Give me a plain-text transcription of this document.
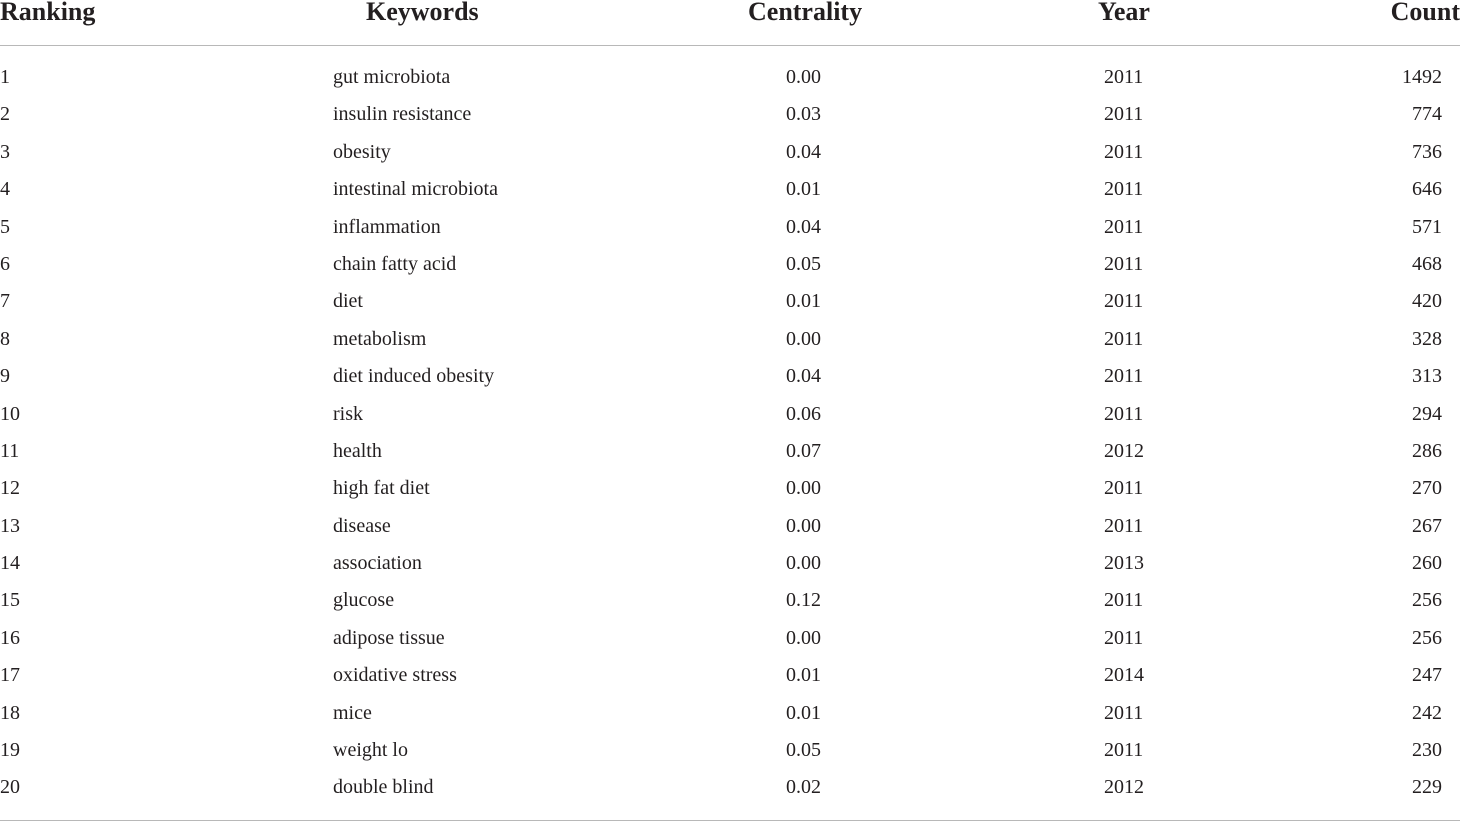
Ranking	Keywords	Centrality	Year	Count
1	gut microbiota	0.00	2011	1492
2	insulin resistance	0.03	2011	774
3	obesity	0.04	2011	736
4	intestinal microbiota	0.01	2011	646
5	inflammation	0.04	2011	571
6	chain fatty acid	0.05	2011	468
7	diet	0.01	2011	420
8	metabolism	0.00	2011	328
9	diet induced obesity	0.04	2011	313
10	risk	0.06	2011	294
11	health	0.07	2012	286
12	high fat diet	0.00	2011	270
13	disease	0.00	2011	267
14	association	0.00	2013	260
15	glucose	0.12	2011	256
16	adipose tissue	0.00	2011	256
17	oxidative stress	0.01	2014	247
18	mice	0.01	2011	242
19	weight lo	0.05	2011	230
20	double blind	0.02	2012	229
